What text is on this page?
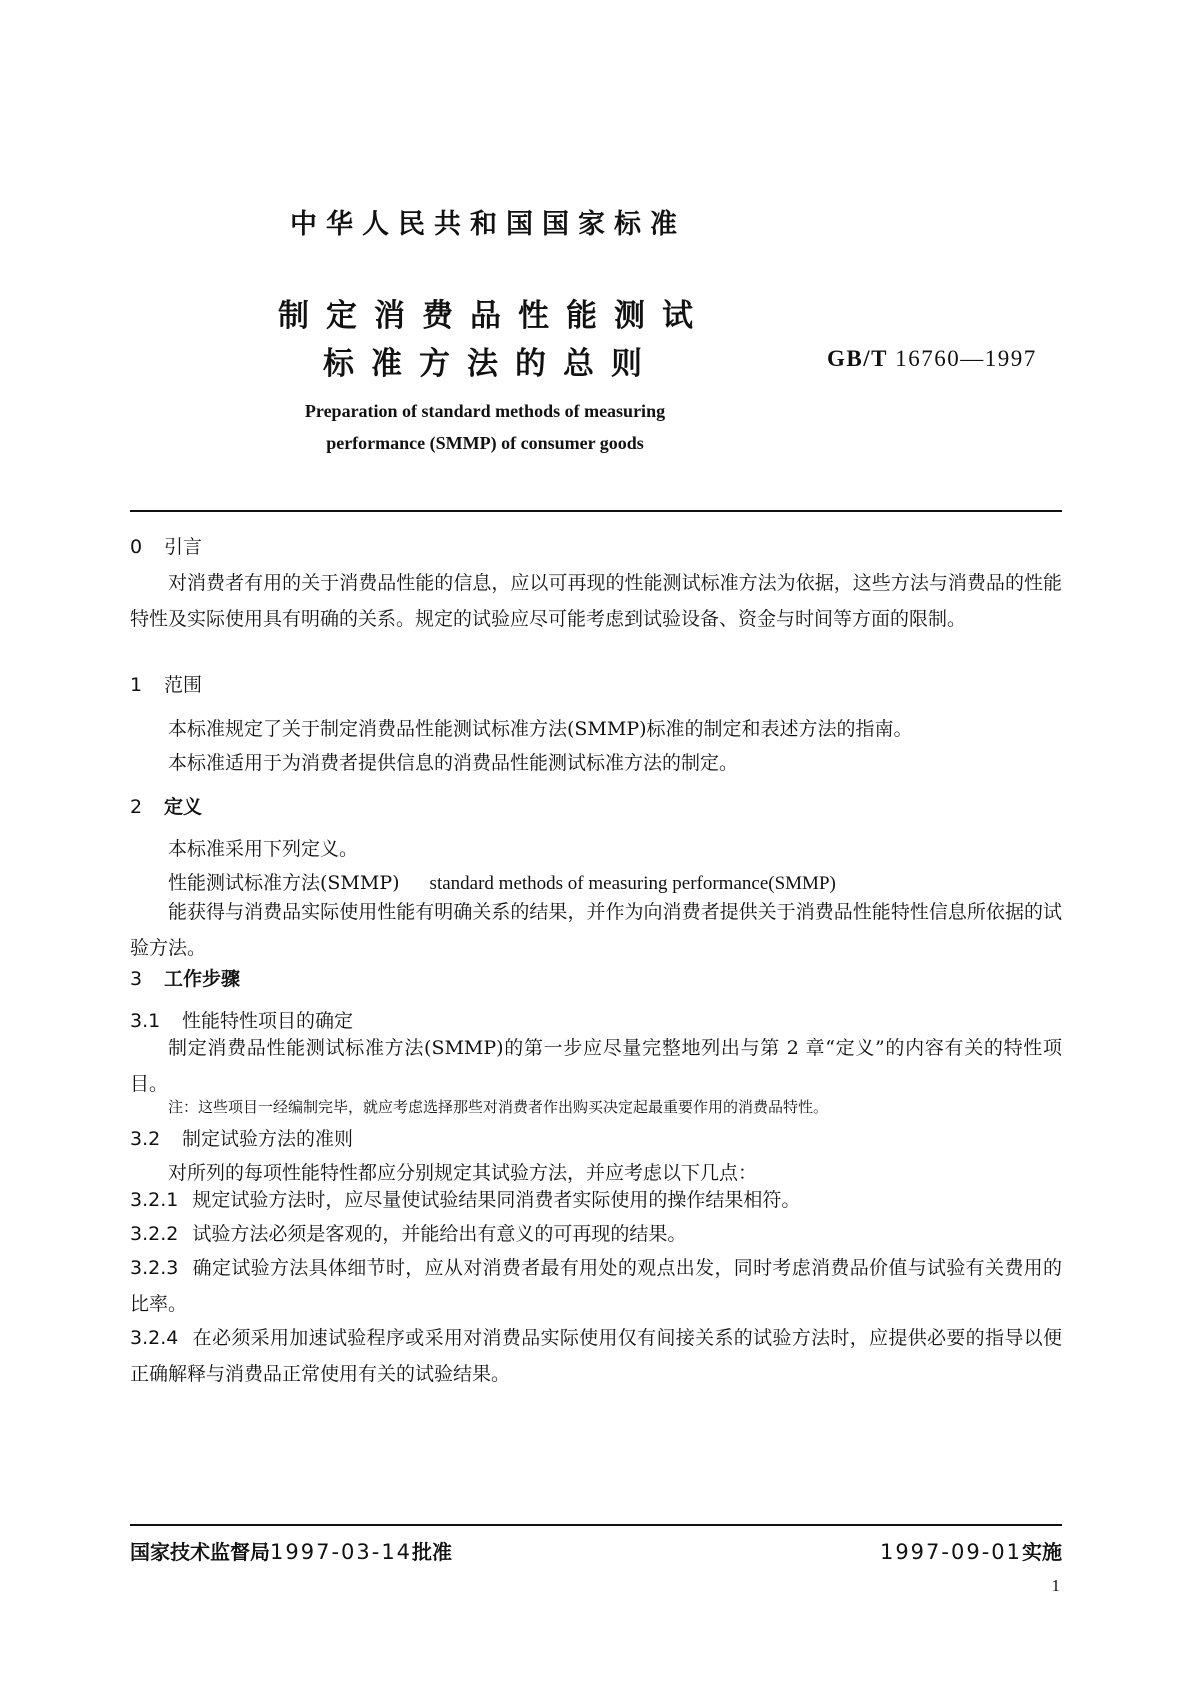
中华人民共和国国家标准
制定消费品性能测试
标准方法的总则	GB/T 16760—1997
Preparation of standard methods of measuring
performance (SMMP) of consumer goods
0 引言
对消费者有用的关于消费品性能的信息，应以可再现的性能测试标准方法为依据，这些方法与消费品的性能特性及实际使用具有明确的关系。规定的试验应尽可能考虑到试验设备、资金与时间等方面的限制。
1 范围
本标准规定了关于制定消费品性能测试标准方法(SMMP)标准的制定和表述方法的指南。
本标准适用于为消费者提供信息的消费品性能测试标准方法的制定。
2 定义
本标准采用下列定义。
性能测试标准方法(SMMP) standard methods of measuring performance(SMMP)
能获得与消费品实际使用性能有明确关系的结果，并作为向消费者提供关于消费品性能特性信息所依据的试验方法。
3 工作步骤
3.1 性能特性项目的确定
制定消费品性能测试标准方法(SMMP)的第一步应尽量完整地列出与第 2 章“定义”的内容有关的特性项目。
注：这些项目一经编制完毕，就应考虑选择那些对消费者作出购买决定起最重要作用的消费品特性。
3.2 制定试验方法的准则
对所列的每项性能特性都应分别规定其试验方法，并应考虑以下几点：
3.2.1 规定试验方法时，应尽量使试验结果同消费者实际使用的操作结果相符。
3.2.2 试验方法必须是客观的，并能给出有意义的可再现的结果。
3.2.3 确定试验方法具体细节时，应从对消费者最有用处的观点出发，同时考虑消费品价值与试验有关费用的比率。
3.2.4 在必须采用加速试验程序或采用对消费品实际使用仅有间接关系的试验方法时，应提供必要的指导以便正确解释与消费品正常使用有关的试验结果。
国家技术监督局1997-03-14批准	1997-09-01实施
1
